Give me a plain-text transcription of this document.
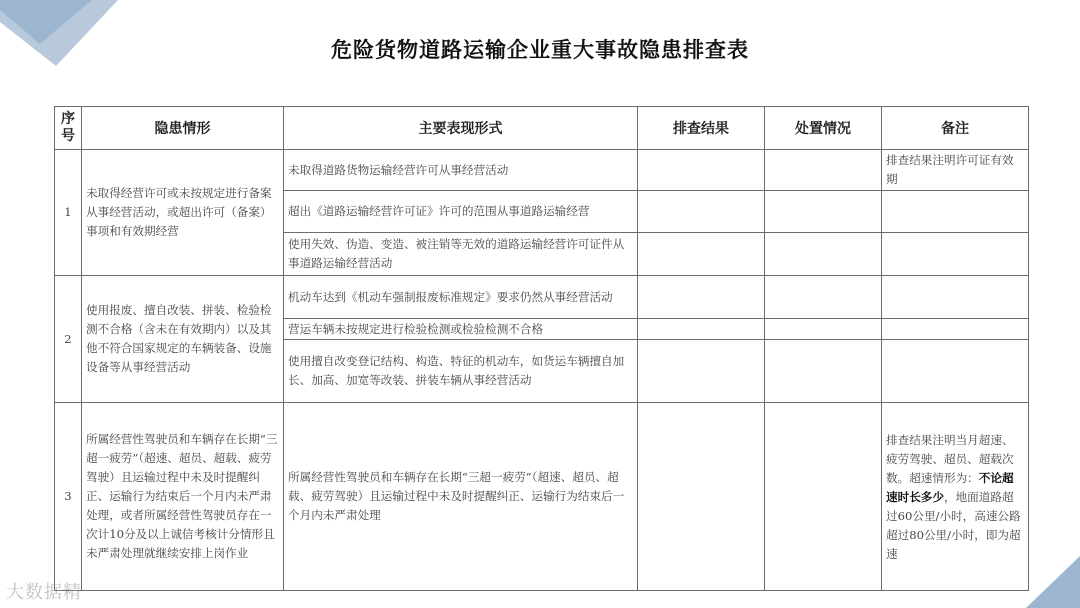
危险货物道路运输企业重大事故隐患排查表
序
号	隐患情形	主要表现形式	排查结果	处置情况	备注
1	未取得经营许可或未按规定进行备案从事经营活动，或超出许可（备案）事项和有效期经营	未取得道路货物运输经营许可从事经营活动			排查结果注明许可证有效期
		超出《道路运输经营许可证》许可的范围从事道路运输经营			
		使用失效、伪造、变造、被注销等无效的道路运输经营许可证件从事道路运输经营活动			
2	使用报废、擅自改装、拼装、检验检测不合格（含未在有效期内）以及其他不符合国家规定的车辆装备、设施设备等从事经营活动	机动车达到《机动车强制报废标准规定》要求仍然从事经营活动			
		营运车辆未按规定进行检验检测或检验检测不合格			
		使用擅自改变登记结构、构造、特征的机动车，如货运车辆擅自加长、加高、加宽等改装、拼装车辆从事经营活动			
3	所属经营性驾驶员和车辆存在长期“三超一疲劳”（超速、超员、超载、疲劳驾驶）且运输过程中未及时提醒纠正、运输行为结束后一个月内未严肃处理，或者所属经营性驾驶员存在一次计10分及以上诚信考核计分情形且未严肃处理就继续安排上岗作业	所属经营性驾驶员和车辆存在长期“三超一疲劳”（超速、超员、超载、疲劳驾驶）且运输过程中未及时提醒纠正、运输行为结束后一个月内未严肃处理			排查结果注明当月超速、疲劳驾驶、超员、超载次数。超速情形为：不论超速时长多少，地面道路超过60公里/小时，高速公路超过80公里/小时，即为超速
大数据精
